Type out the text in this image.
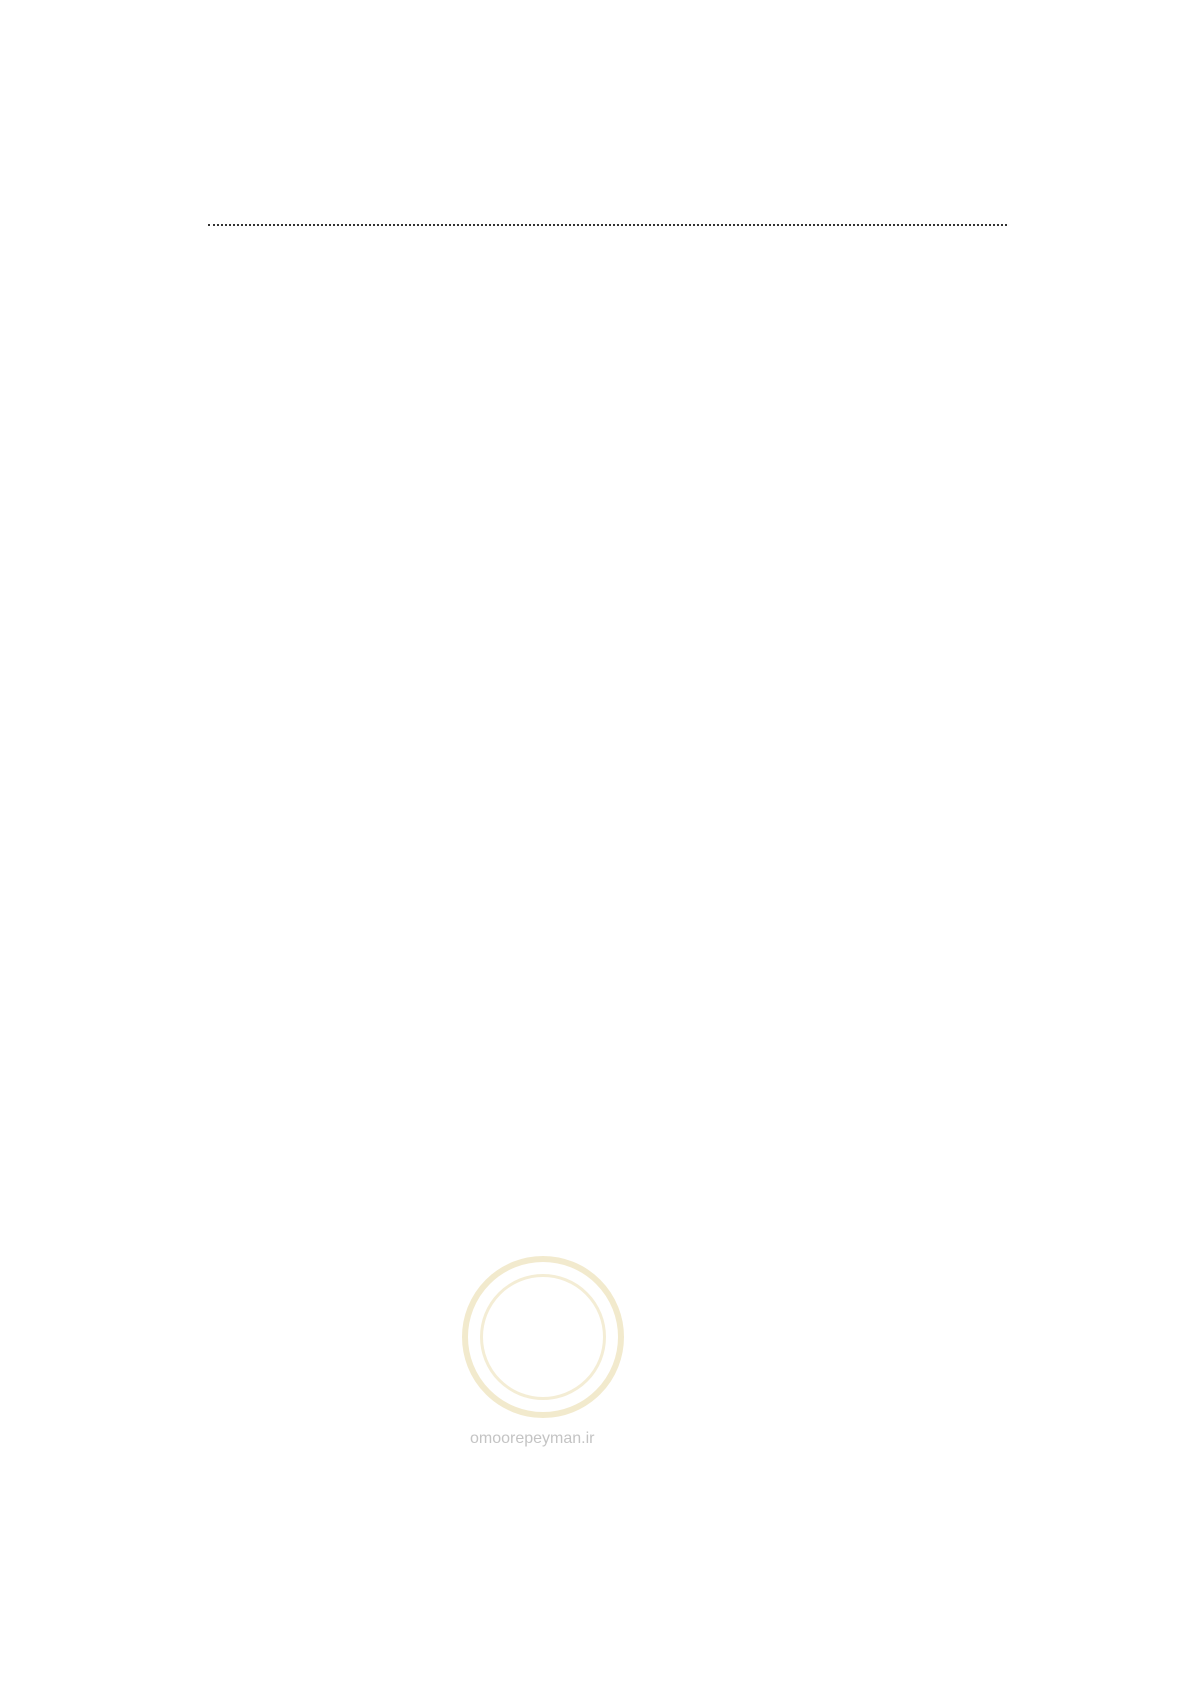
omoorepeyman.ir
